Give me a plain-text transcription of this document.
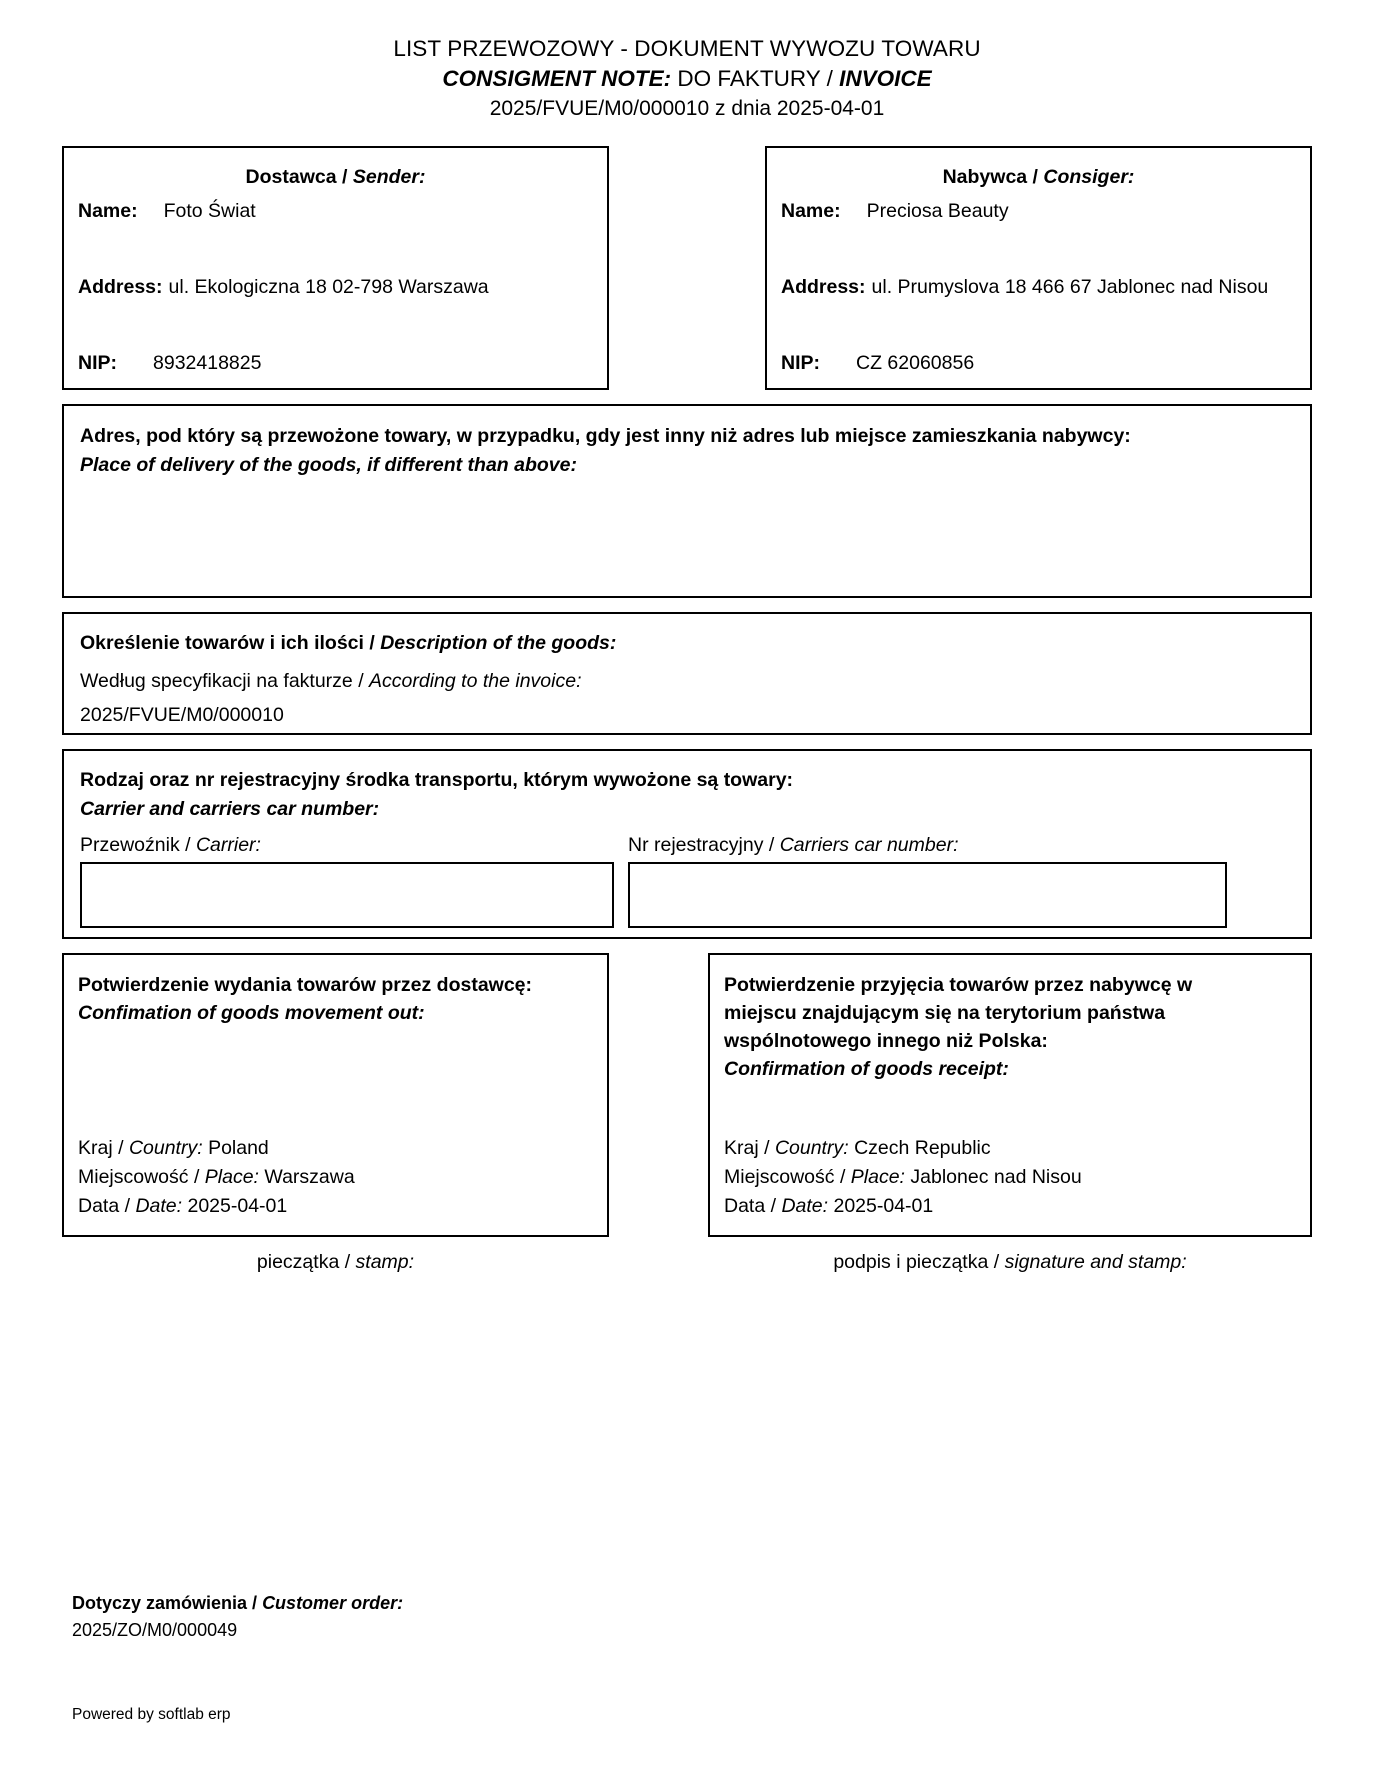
LIST PRZEWOZOWY - DOKUMENT WYWOZU TOWARU
CONSIGMENT NOTE: DO FAKTURY / INVOICE
2025/FVUE/M0/000010 z dnia 2025-04-01
Dostawca / Sender:
Name: Foto Świat
Address: ul. Ekologiczna 18 02-798 Warszawa
NIP: 8932418825
Nabywca / Consiger:
Name: Preciosa Beauty
Address: ul. Prumyslova 18 466 67 Jablonec nad Nisou
NIP: CZ 62060856
Adres, pod który są przewożone towary, w przypadku, gdy jest inny niż adres lub miejsce zamieszkania nabywcy:
Place of delivery of the goods, if different than above:
Określenie towarów i ich ilości / Description of the goods:
Według specyfikacji na fakturze / According to the invoice:
2025/FVUE/M0/000010
Rodzaj oraz nr rejestracyjny środka transportu, którym wywożone są towary:
Carrier and carriers car number:
Przewoźnik / Carrier:	Nr rejestracyjny / Carriers car number:
Potwierdzenie wydania towarów przez dostawcę:
Confimation of goods movement out:
Kraj / Country: Poland
Miejscowość / Place: Warszawa
Data / Date: 2025-04-01
Potwierdzenie przyjęcia towarów przez nabywcę w
miejscu znajdującym się na terytorium państwa
wspólnotowego innego niż Polska:
Confirmation of goods receipt:
Kraj / Country: Czech Republic
Miejscowość / Place: Jablonec nad Nisou
Data / Date: 2025-04-01
pieczątka / stamp:	podpis i pieczątka / signature and stamp:
Dotyczy zamówienia / Customer order:
2025/ZO/M0/000049
Powered by softlab erp
